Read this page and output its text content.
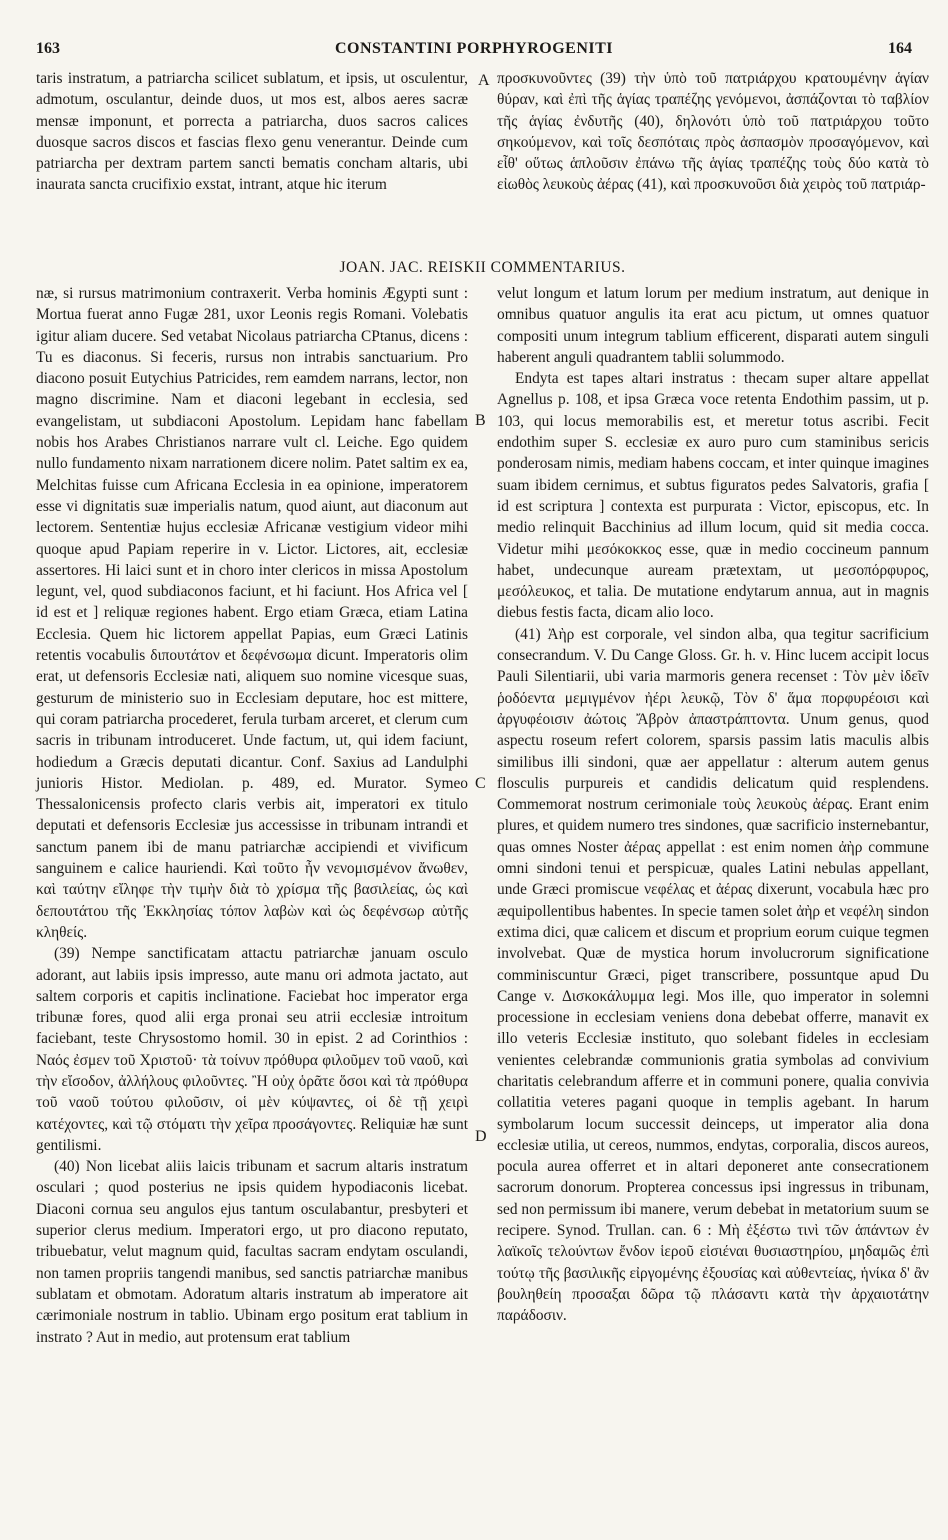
163	CONSTANTINI PORPHYROGENITI	164

taris instratum, a patriarcha scilicet sublatum, et ipsis, ut osculentur, admotum, osculantur, deinde duos, ut mos est, albos aeres sacræ mensæ imponunt, et porrecta a patriarcha, duos sacros calices duosque sacros discos et fascias flexo genu venerantur. Deinde cum patriarcha per dextram partem sancti bematis concham altaris, ubi inaurata sancta crucifixio exstat, intrant, atque hic iterum

προσκυνοῦντες (39) τὴν ὑπὸ τοῦ πατριάρχου κρατουμένην ἁγίαν θύραν, καὶ ἐπὶ τῆς ἁγίας τραπέζης γενόμενοι, ἀσπάζονται τὸ ταβλίον τῆς ἁγίας ἐνδυτῆς (40), δηλονότι ὑπὸ τοῦ πατριάρχου τοῦτο σηκούμενον, καὶ τοῖς δεσπόταις πρὸς ἀσπασμὸν προσαγόμενον, καὶ εἶθ' οὕτως ἁπλοῦσιν ἐπάνω τῆς ἁγίας τραπέζης τοὺς δύο κατὰ τὸ εἰωθὸς λευκοὺς ἀέρας (41), καὶ προσκυνοῦσι διὰ χειρὸς τοῦ πατριάρ-

A
JOAN. JAC. REISKII COMMENTARIUS.

næ, si rursus matrimonium contraxerit. Verba hominis Ægypti sunt : Mortua fuerat anno Fugæ 281, uxor Leonis regis Romani. Volebatis igitur aliam ducere. Sed vetabat Nicolaus patriarcha CPtanus, dicens : Tu es diaconus. Si feceris, rursus non intrabis sanctuarium. Pro diacono posuit Eutychius Patricides, rem eamdem narrans, lector, non magno discrimine. Nam et diaconi legebant in ecclesia, sed evangelistam, ut subdiaconi Apostolum. Lepidam hanc fabellam nobis hos Arabes Christianos narrare vult cl. Leiche. Ego quidem nullo fundamento nixam narrationem dicere nolim. Patet saltim ex ea, Melchitas fuisse cum Africana Ecclesia in ea opinione, imperatorem esse vi dignitatis suæ imperialis natum, quod aiunt, aut diaconum aut lectorem. Sententiæ hujus ecclesiæ Africanæ vestigium videor mihi quoque apud Papiam reperire in v. Lictor. Lictores, ait, ecclesiæ assertores. Hi laici sunt et in choro inter clericos in missa Apostolum legunt, vel, quod subdiaconos faciunt, et hi faciunt. Hos Africa vel [ id est et ] reliquæ regiones habent. Ergo etiam Græca, etiam Latina Ecclesia. Quem hic lictorem appellat Papias, eum Græci Latinis retentis vocabulis διπουτάτον et δεφένσωμα dicunt. Imperatoris olim erat, ut defensoris Ecclesiæ nati, aliquem suo nomine vicesque suas, gesturum de ministerio suo in Ecclesiam deputare, hoc est mittere, qui coram patriarcha procederet, ferula turbam arceret, et clerum cum sacris in tribunam introduceret. Unde factum, ut, qui idem faciunt, hodiedum a Græcis deputati dicantur. Conf. Saxius ad Landulphi junioris Histor. Mediolan. p. 489, ed. Murator. Symeo Thessalonicensis profecto claris verbis ait, imperatori ex titulo deputati et defensoris Ecclesiæ jus accessisse in tribunam intrandi et sanctum panem ibi de manu patriarchæ accipiendi et vivificum sanguinem e calice hauriendi. Καὶ τοῦτο ἦν νενομισμένον ἄνωθεν, καὶ ταύτην εἴληφε τὴν τιμὴν διὰ τὸ χρίσμα τῆς βασιλείας, ὡς καὶ δεπουτάτου τῆς Ἐκκλησίας τόπον λαβὼν καὶ ὡς δεφένσωρ αὐτῆς κληθείς.

(39) Nempe sanctificatam attactu patriarchæ januam osculo adorant, aut labiis ipsis impresso, aute manu ori admota jactato, aut saltem corporis et capitis inclinatione. Faciebat hoc imperator erga tribunæ fores, quod alii erga pronai seu atrii ecclesiæ introitum faciebant, teste Chrysostomo homil. 30 in epist. 2 ad Corinthios : Ναός ἐσμεν τοῦ Χριστοῦ· τὰ τοίνυν πρόθυρα φιλοῦμεν τοῦ ναοῦ, καὶ τὴν εἴσοδον, ἀλλήλους φιλοῦντες. Ἢ οὐχ ὁρᾶτε ὅσοι καὶ τὰ πρόθυρα τοῦ ναοῦ τούτου φιλοῦσιν, οἱ μὲν κύψαντες, οἱ δὲ τῇ χειρὶ κατέχοντες, καὶ τῷ στόματι τὴν χεῖρα προσάγοντες. Reliquiæ hæ sunt gentilismi.

(40) Non licebat aliis laicis tribunam et sacrum altaris instratum osculari ; quod posterius ne ipsis quidem hypodiaconis licebat. Diaconi cornua seu angulos ejus tantum osculabantur, presbyteri et superior clerus medium. Imperatori ergo, ut pro diacono reputato, tribuebatur, velut magnum quid, facultas sacram endytam osculandi, non tamen propriis tangendi manibus, sed sanctis patriarchæ manibus sublatam et obmotam. Adoratum altaris instratum ab imperatore ait cærimoniale nostrum in tablio. Ubinam ergo positum erat tablium in instrato ? Aut in medio, aut protensum erat tablium

velut longum et latum lorum per medium instratum, aut denique in omnibus quatuor angulis ita erat acu pictum, ut omnes quatuor compositi unum integrum tablium efficerent, disparati autem singuli haberent anguli quadrantem tablii solummodo.

Endyta est tapes altari instratus : thecam super altare appellat Agnellus p. 108, et ipsa Græca voce retenta Endothim passim, ut p. 103, qui locus memorabilis est, et meretur totus ascribi. Fecit endothim super S. ecclesiæ ex auro puro cum staminibus sericis ponderosam nimis, mediam habens coccam, et inter quinque imagines suam ibidem cernimus, et subtus figuratos pedes Salvatoris, grafia [ id est scriptura ] contexta est purpurata : Victor, episcopus, etc. In medio relinquit Bacchinius ad illum locum, quid sit media cocca. Videtur mihi μεσόκοκκος esse, quæ in medio coccineum pannum habet, undecunque auream prætextam, ut μεσοπόρφυρος, μεσόλευκος, et talia. De mutatione endytarum annua, aut in magnis diebus festis facta, dicam alio loco.

(41) Ἀὴρ est corporale, vel sindon alba, qua tegitur sacrificium consecrandum. V. Du Cange Gloss. Gr. h. v. Hinc lucem accipit locus Pauli Silentiarii, ubi varia marmoris genera recenset : Τὸν μὲν ἰδεῖν ῥοδόεντα μεμιγμένον ἠέρι λευκῷ, Τὸν δ' ἅμα πορφυρέοισι καὶ ἀργυφέοισιν ἀώτοις Ἄβρὸν ἀπαστράπτοντα. Unum genus, quod aspectu roseum refert colorem, sparsis passim latis maculis albis similibus illi sindoni, quæ aer appellatur : alterum autem genus flosculis purpureis et candidis delicatum quid resplendens. Commemorat nostrum cerimoniale τοὺς λευκοὺς ἀέρας. Erant enim plures, et quidem numero tres sindones, quæ sacrificio insternebantur, quas omnes Noster ἀέρας appellat : est enim nomen ἀὴρ commune omni sindoni tenui et perspicuæ, quales Latini nebulas appellant, unde Græci promiscue νεφέλας et ἀέρας dixerunt, vocabula hæc pro æquipollentibus habentes. In specie tamen solet ἀὴρ et νεφέλη sindon extima dici, quæ calicem et discum et proprium eorum cuique tegmen involvebat. Quæ de mystica horum involucrorum significatione comminiscuntur Græci, piget transcribere, possuntque apud Du Cange v. Δισκοκάλυμμα legi. Mos ille, quo imperator in solemni processione in ecclesiam veniens dona debebat offerre, manavit ex illo veteris Ecclesiæ instituto, quo solebant fideles in ecclesiam venientes celebrandæ communionis gratia symbolas ad convivium charitatis celebrandum afferre et in communi ponere, qualia convivia collatitia veteres pagani quoque in templis agebant. In harum symbolarum locum successit deinceps, ut imperator alia dona ecclesiæ utilia, ut cereos, nummos, endytas, corporalia, discos aureos, pocula aurea offerret et in altari deponeret ante consecrationem sacrorum donorum. Propterea concessus ipsi ingressus in tribunam, sed non permissum ibi manere, verum debebat in metatorium suum se recipere. Synod. Trullan. can. 6 : Μὴ ἐξέστω τινὶ τῶν ἁπάντων ἐν λαϊκοῖς τελούντων ἔνδον ἱεροῦ εἰσιέναι θυσιαστηρίου, μηδαμῶς ἐπὶ τούτῳ τῆς βασιλικῆς εἰργομένης ἐξουσίας καὶ αὐθεντείας, ἡνίκα δ' ἂν βουληθείη προσαξαι δῶρα τῷ πλάσαντι κατὰ τὴν ἀρχαιοτάτην παράδοσιν.

B
C
D
